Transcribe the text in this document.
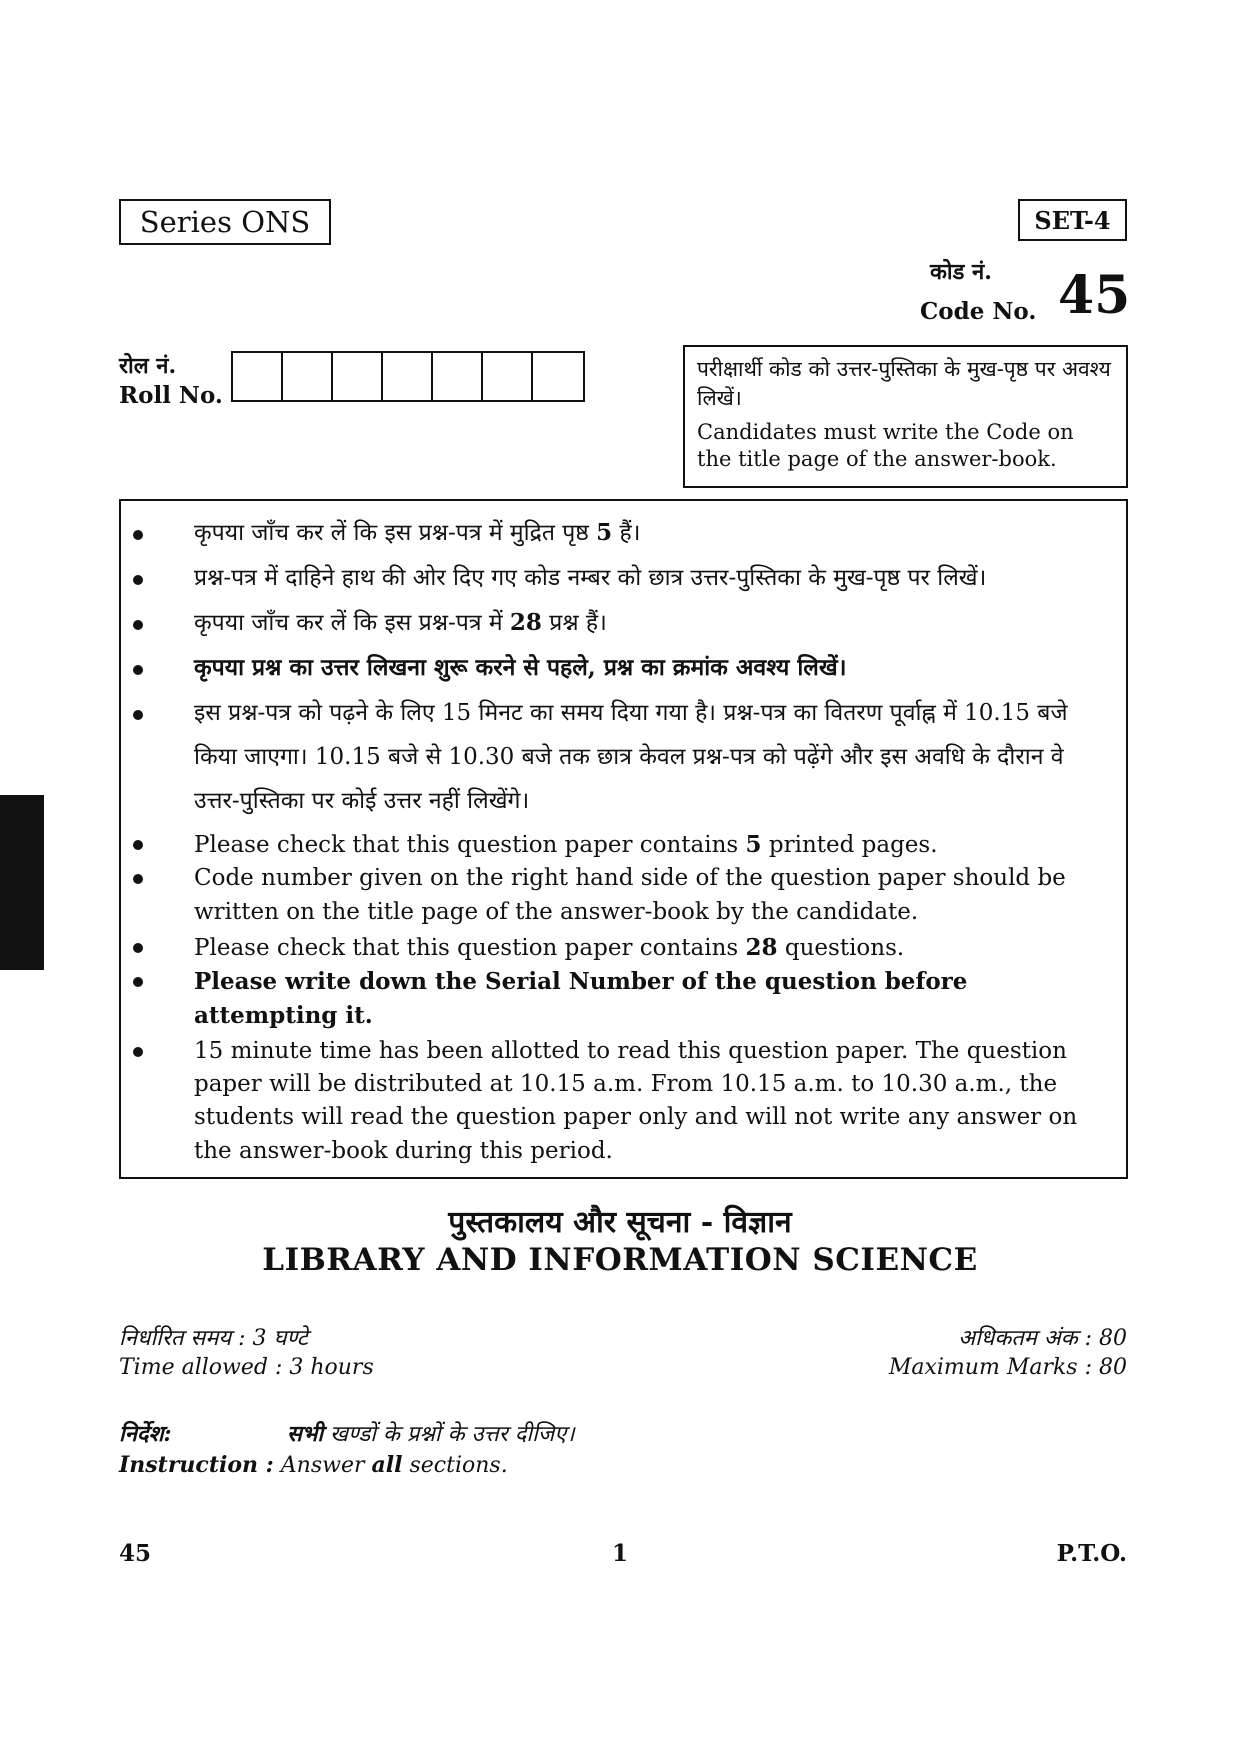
Series ONS	SET-4
कोड नं.
Code No. 45
रोल नं.
Roll No.
परीक्षार्थी कोड को उत्तर-पुस्तिका के मुख-पृष्ठ पर अवश्य लिखें।
Candidates must write the Code on the title page of the answer-book.
कृपया जाँच कर लें कि इस प्रश्न-पत्र में मुद्रित पृष्ठ 5 हैं।
प्रश्न-पत्र में दाहिने हाथ की ओर दिए गए कोड नम्बर को छात्र उत्तर-पुस्तिका के मुख-पृष्ठ पर लिखें।
कृपया जाँच कर लें कि इस प्रश्न-पत्र में 28 प्रश्न हैं।
कृपया प्रश्न का उत्तर लिखना शुरू करने से पहले, प्रश्न का क्रमांक अवश्य लिखें।
इस प्रश्न-पत्र को पढ़ने के लिए 15 मिनट का समय दिया गया है। प्रश्न-पत्र का वितरण पूर्वाह्न में 10.15 बजे किया जाएगा। 10.15 बजे से 10.30 बजे तक छात्र केवल प्रश्न-पत्र को पढ़ेंगे और इस अवधि के दौरान वे उत्तर-पुस्तिका पर कोई उत्तर नहीं लिखेंगे।
Please check that this question paper contains 5 printed pages.
Code number given on the right hand side of the question paper should be written on the title page of the answer-book by the candidate.
Please check that this question paper contains 28 questions.
Please write down the Serial Number of the question before attempting it.
15 minute time has been allotted to read this question paper. The question paper will be distributed at 10.15 a.m. From 10.15 a.m. to 10.30 a.m., the students will read the question paper only and will not write any answer on the answer-book during this period.
पुस्तकालय और सूचना - विज्ञान
LIBRARY AND INFORMATION SCIENCE
निर्धारित समय : 3 घण्टे
Time allowed : 3 hours
अधिकतम अंक : 80
Maximum Marks : 80
निर्देश:	सभी खण्डों के प्रश्नों के उत्तर दीजिए।
Instruction : Answer all sections.
45	1	P.T.O.
